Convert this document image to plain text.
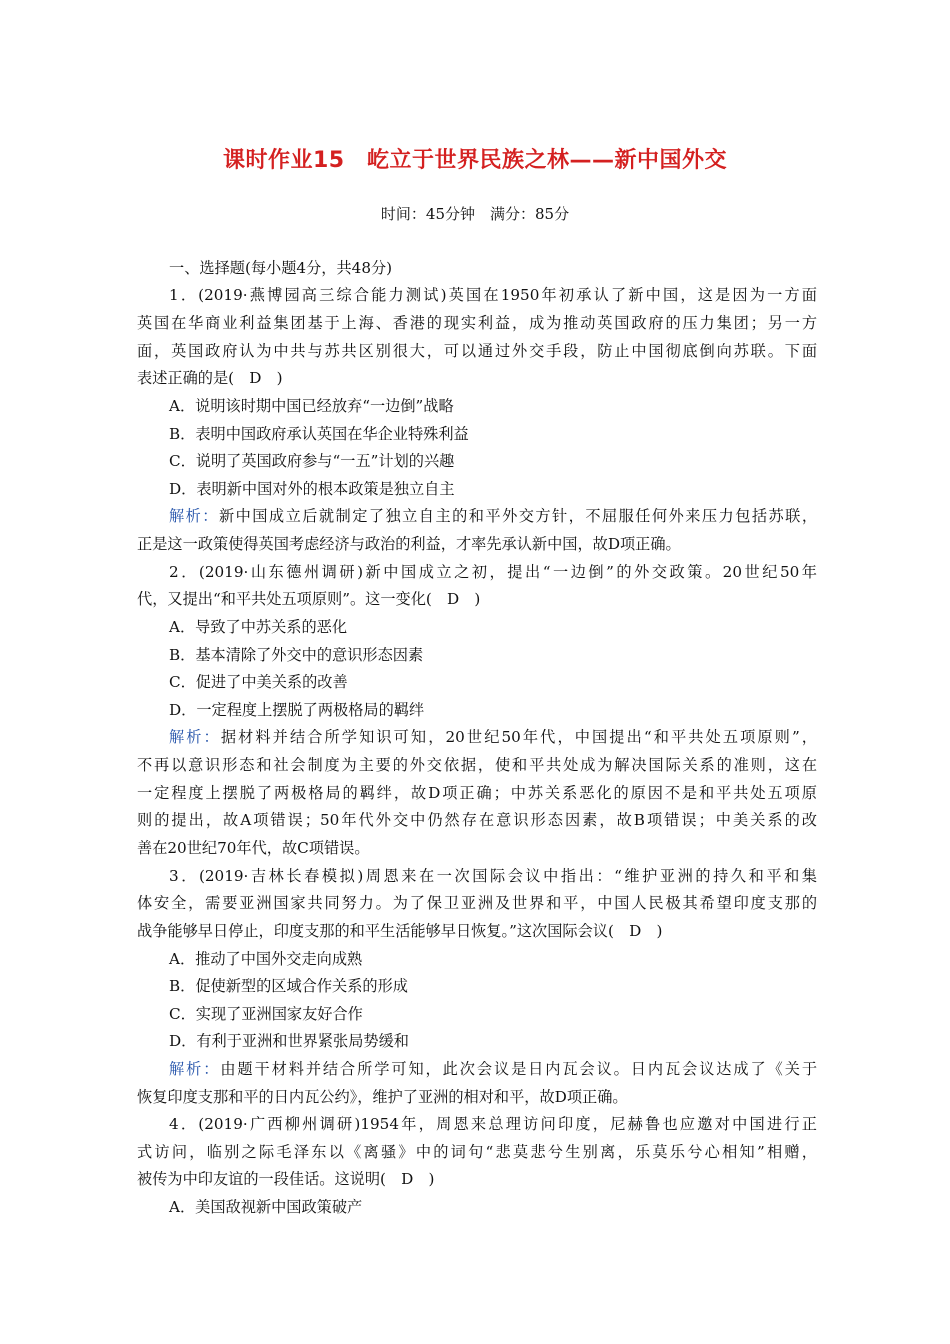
课时作业15　屹立于世界民族之林——新中国外交
时间：45分钟　满分：85分
一、选择题(每小题4分，共48分)
1．(2019·燕博园高三综合能力测试)英国在1950年初承认了新中国，这是因为一方面
英国在华商业利益集团基于上海、香港的现实利益，成为推动英国政府的压力集团；另一方
面，英国政府认为中共与苏共区别很大，可以通过外交手段，防止中国彻底倒向苏联。下面
表述正确的是(　D　)
A．说明该时期中国已经放弃“一边倒”战略
B．表明中国政府承认英国在华企业特殊利益
C．说明了英国政府参与“一五”计划的兴趣
D．表明新中国对外的根本政策是独立自主
解析：新中国成立后就制定了独立自主的和平外交方针，不屈服任何外来压力包括苏联，
正是这一政策使得英国考虑经济与政治的利益，才率先承认新中国，故D项正确。
2．(2019·山东德州调研)新中国成立之初，提出“一边倒”的外交政策。20世纪50年
代，又提出“和平共处五项原则”。这一变化(　D　)
A．导致了中苏关系的恶化
B．基本清除了外交中的意识形态因素
C．促进了中美关系的改善
D．一定程度上摆脱了两极格局的羁绊
解析：据材料并结合所学知识可知，20世纪50年代，中国提出“和平共处五项原则”，
不再以意识形态和社会制度为主要的外交依据，使和平共处成为解决国际关系的准则，这在
一定程度上摆脱了两极格局的羁绊，故D项正确；中苏关系恶化的原因不是和平共处五项原
则的提出，故A项错误；50年代外交中仍然存在意识形态因素，故B项错误；中美关系的改
善在20世纪70年代，故C项错误。
3．(2019·吉林长春模拟)周恩来在一次国际会议中指出：“维护亚洲的持久和平和集
体安全，需要亚洲国家共同努力。为了保卫亚洲及世界和平，中国人民极其希望印度支那的
战争能够早日停止，印度支那的和平生活能够早日恢复。”这次国际会议(　D　)
A．推动了中国外交走向成熟
B．促使新型的区域合作关系的形成
C．实现了亚洲国家友好合作
D．有利于亚洲和世界紧张局势缓和
解析：由题干材料并结合所学可知，此次会议是日内瓦会议。日内瓦会议达成了《关于
恢复印度支那和平的日内瓦公约》，维护了亚洲的相对和平，故D项正确。
4．(2019·广西柳州调研)1954年，周恩来总理访问印度，尼赫鲁也应邀对中国进行正
式访问，临别之际毛泽东以《离骚》中的词句“悲莫悲兮生别离，乐莫乐兮心相知”相赠，
被传为中印友谊的一段佳话。这说明(　D　)
A．美国敌视新中国政策破产
